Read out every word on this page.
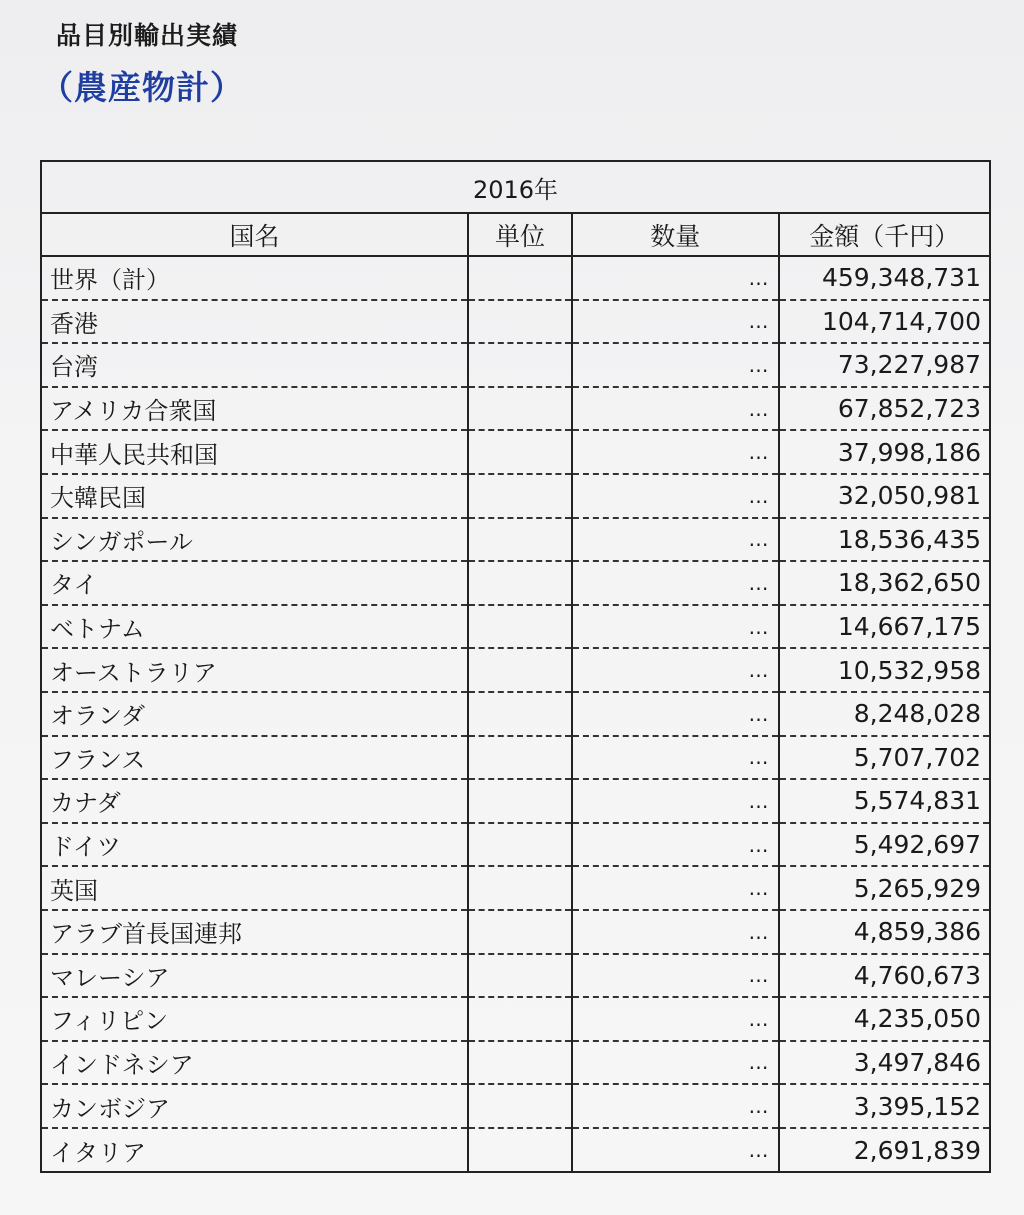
品目別輸出実績
（農産物計）
2016年			
国名	単位	数量	金額（千円）
世界（計）		…	459,348,731
香港		…	104,714,700
台湾		…	73,227,987
アメリカ合衆国		…	67,852,723
中華人民共和国		…	37,998,186
大韓民国		…	32,050,981
シンガポール		…	18,536,435
タイ		…	18,362,650
ベトナム		…	14,667,175
オーストラリア		…	10,532,958
オランダ		…	8,248,028
フランス		…	5,707,702
カナダ		…	5,574,831
ドイツ		…	5,492,697
英国		…	5,265,929
アラブ首長国連邦		…	4,859,386
マレーシア		…	4,760,673
フィリピン		…	4,235,050
インドネシア		…	3,497,846
カンボジア		…	3,395,152
イタリア		…	2,691,839
